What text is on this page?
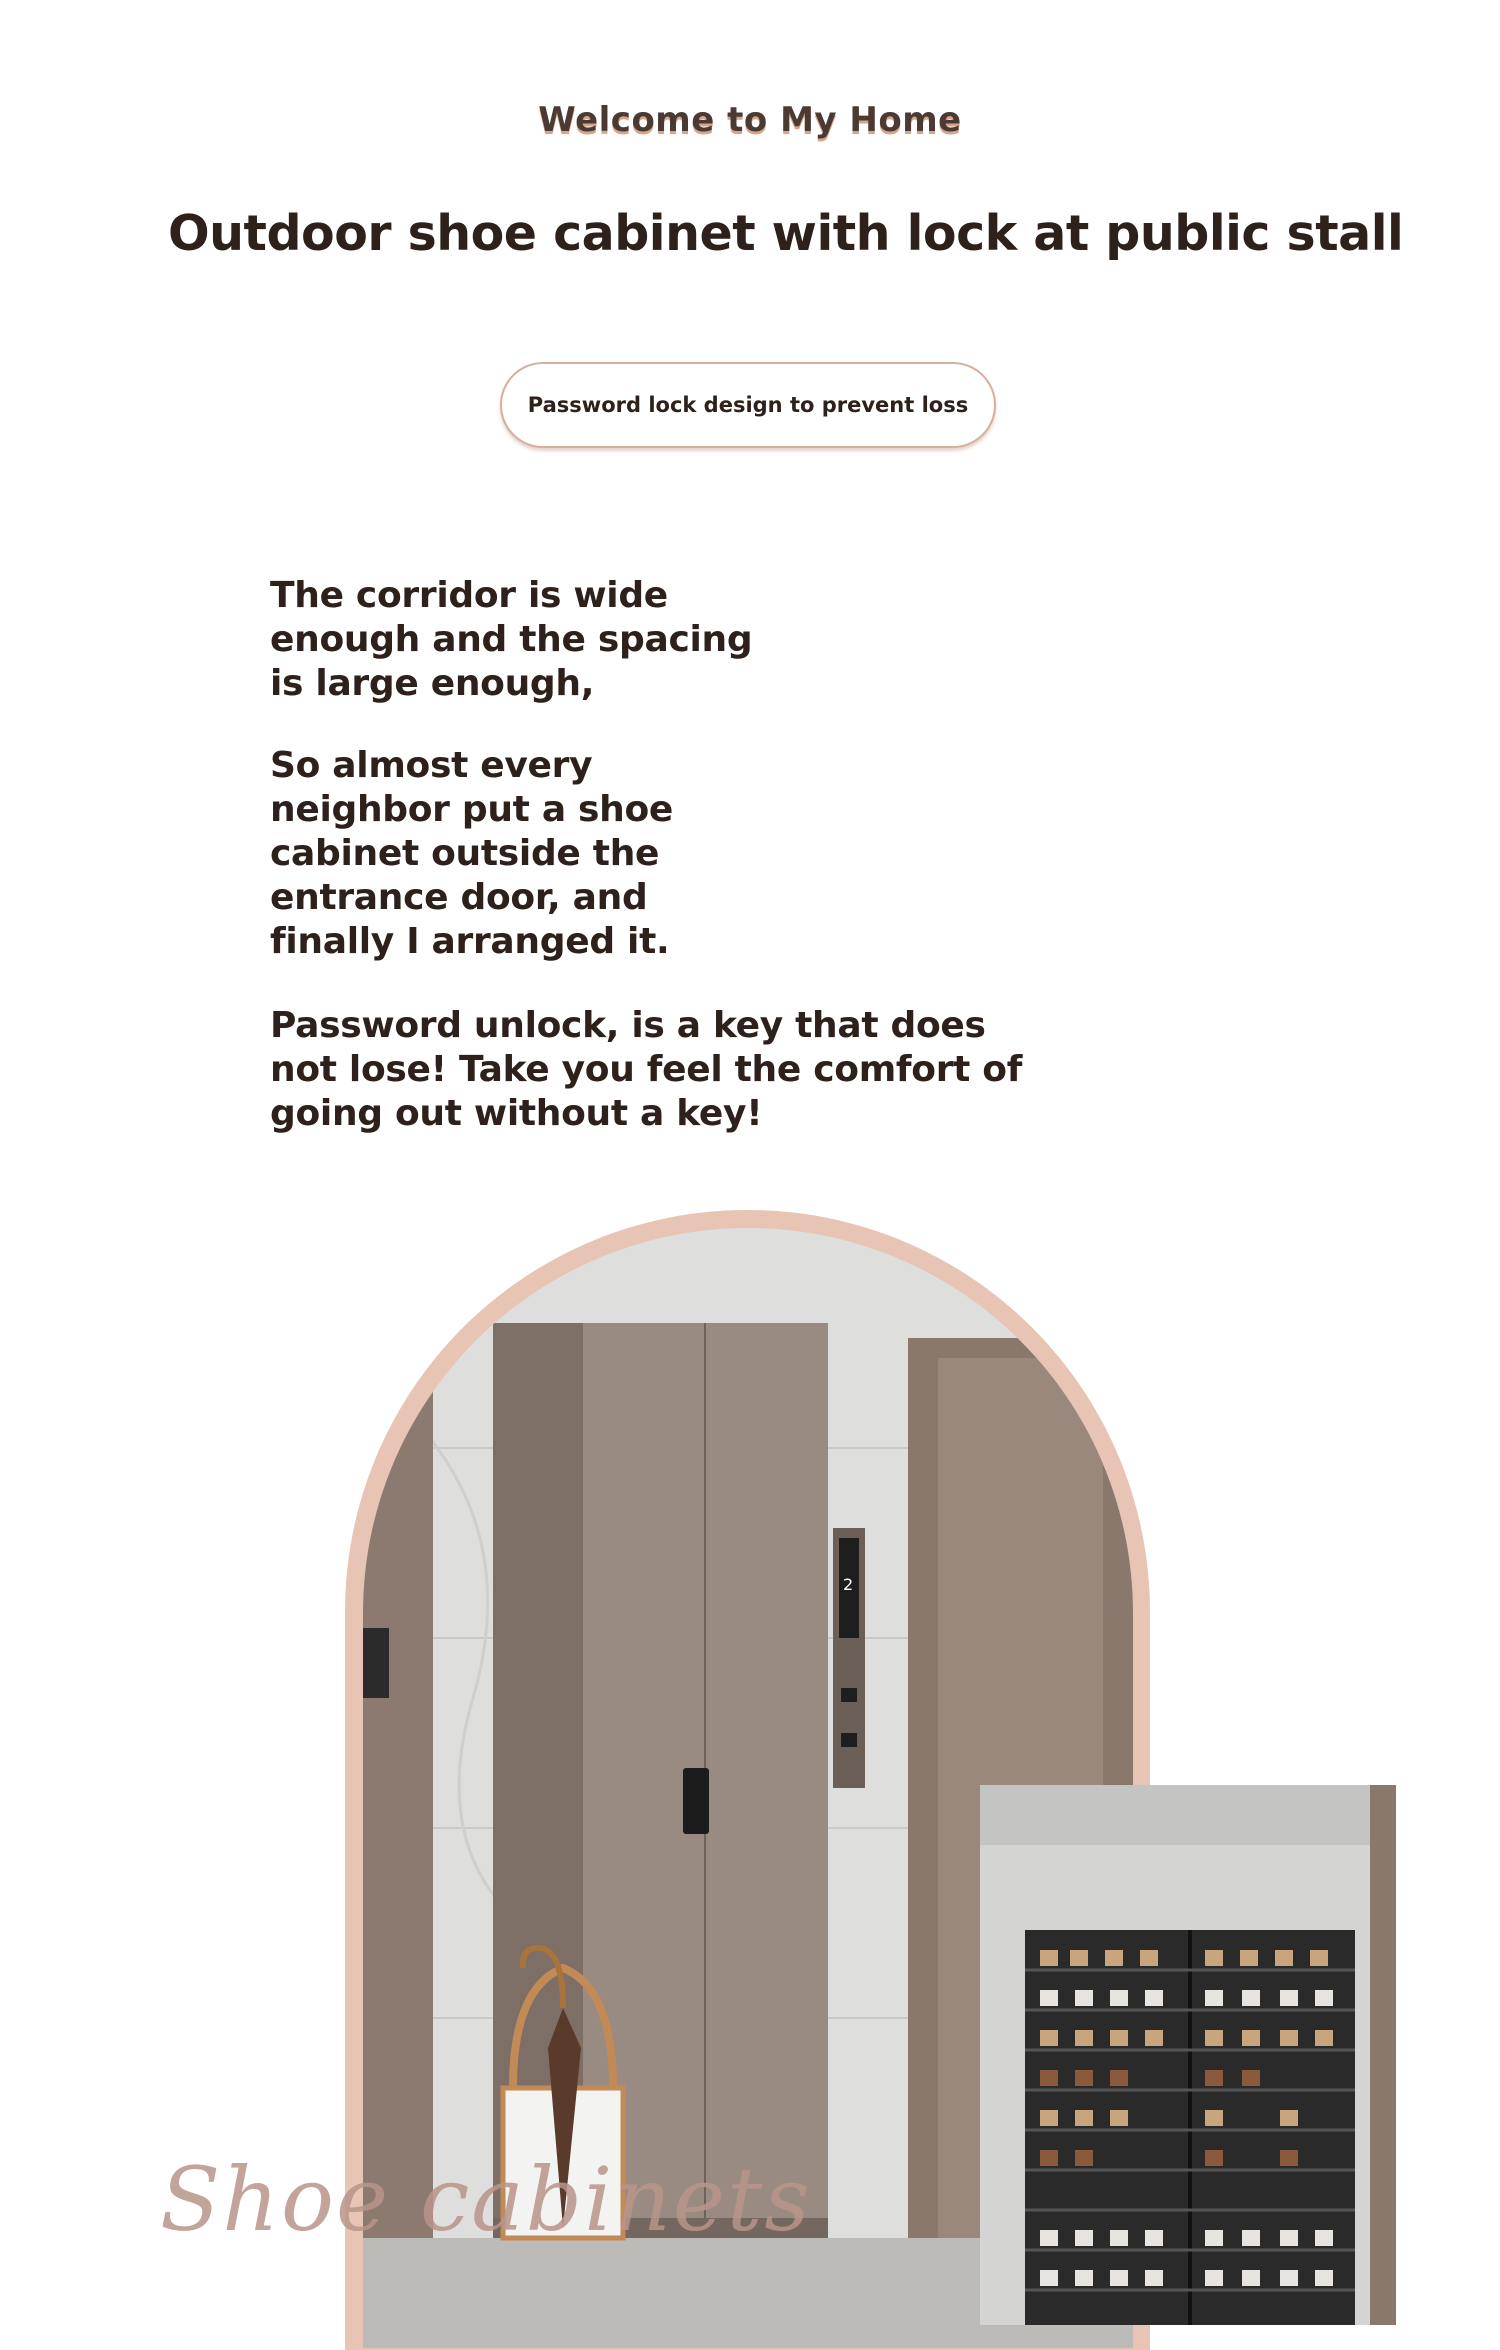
Welcome to My Home
Outdoor shoe cabinet with lock at public stall
Password lock design to prevent loss
The corridor is wide enough and the spacing is large enough,
So almost every neighbor put a shoe cabinet outside the entrance door, and finally I arranged it.
Password unlock, is a key that does not lose! Take you feel the comfort of going out without a key!
2
Shoe cabinets
